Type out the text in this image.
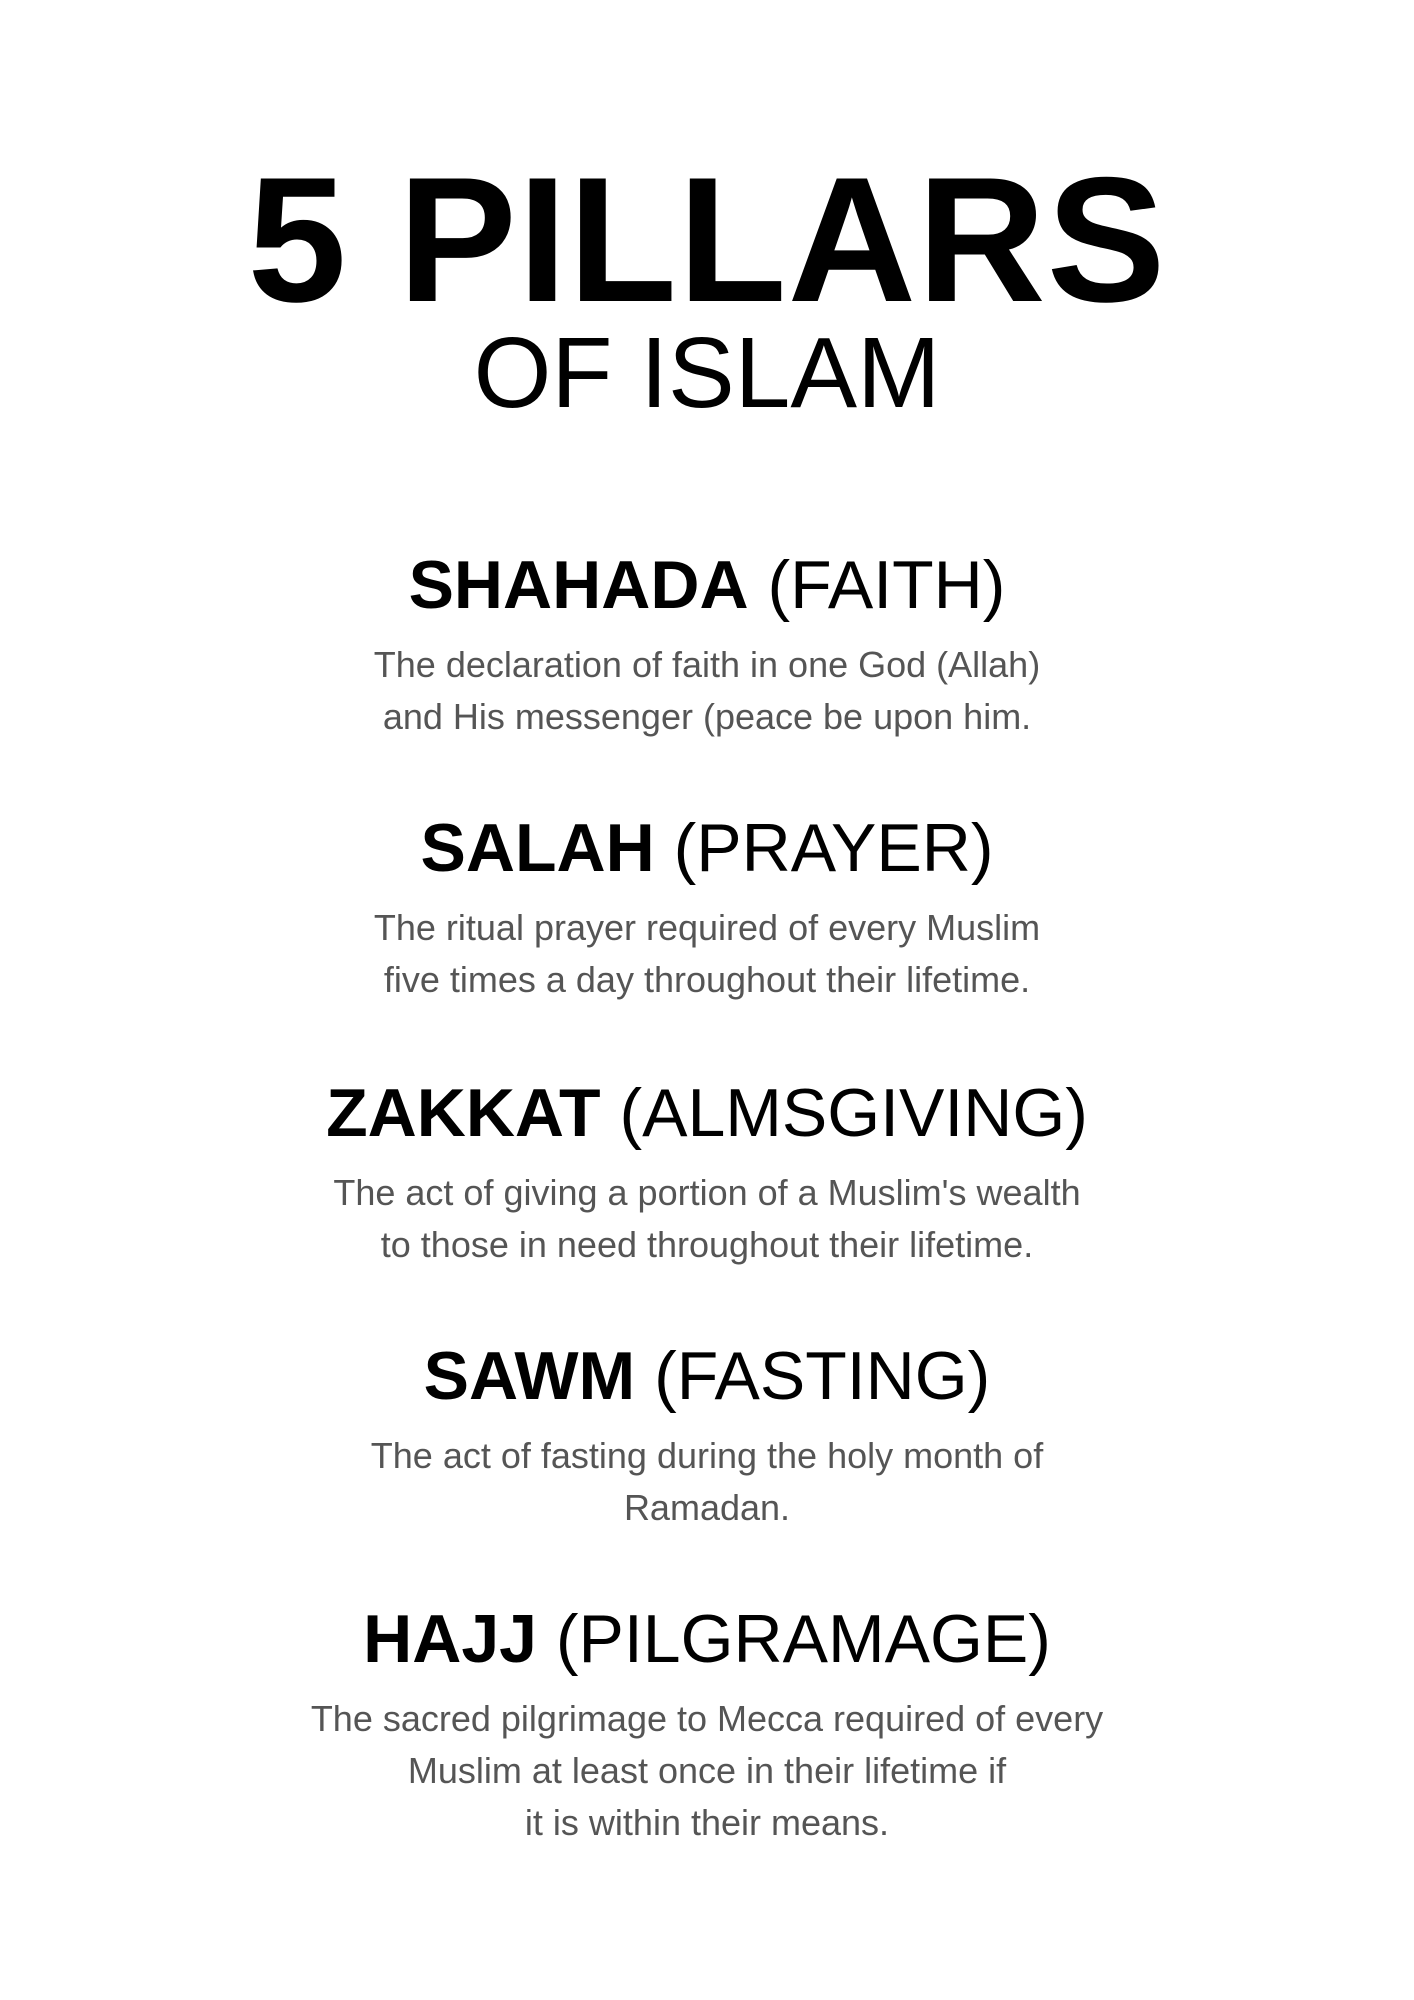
5 PILLARS
OF ISLAM
SHAHADA (FAITH)
The declaration of faith in one God (Allah)
and His messenger (peace be upon him.
SALAH (PRAYER)
The ritual prayer required of every Muslim
five times a day throughout their lifetime.
ZAKKAT (ALMSGIVING)
The act of giving a portion of a Muslim's wealth
to those in need throughout their lifetime.
SAWM (FASTING)
The act of fasting during the holy month of
Ramadan.
HAJJ (PILGRAMAGE)
The sacred pilgrimage to Mecca required of every
Muslim at least once in their lifetime if
it is within their means.
